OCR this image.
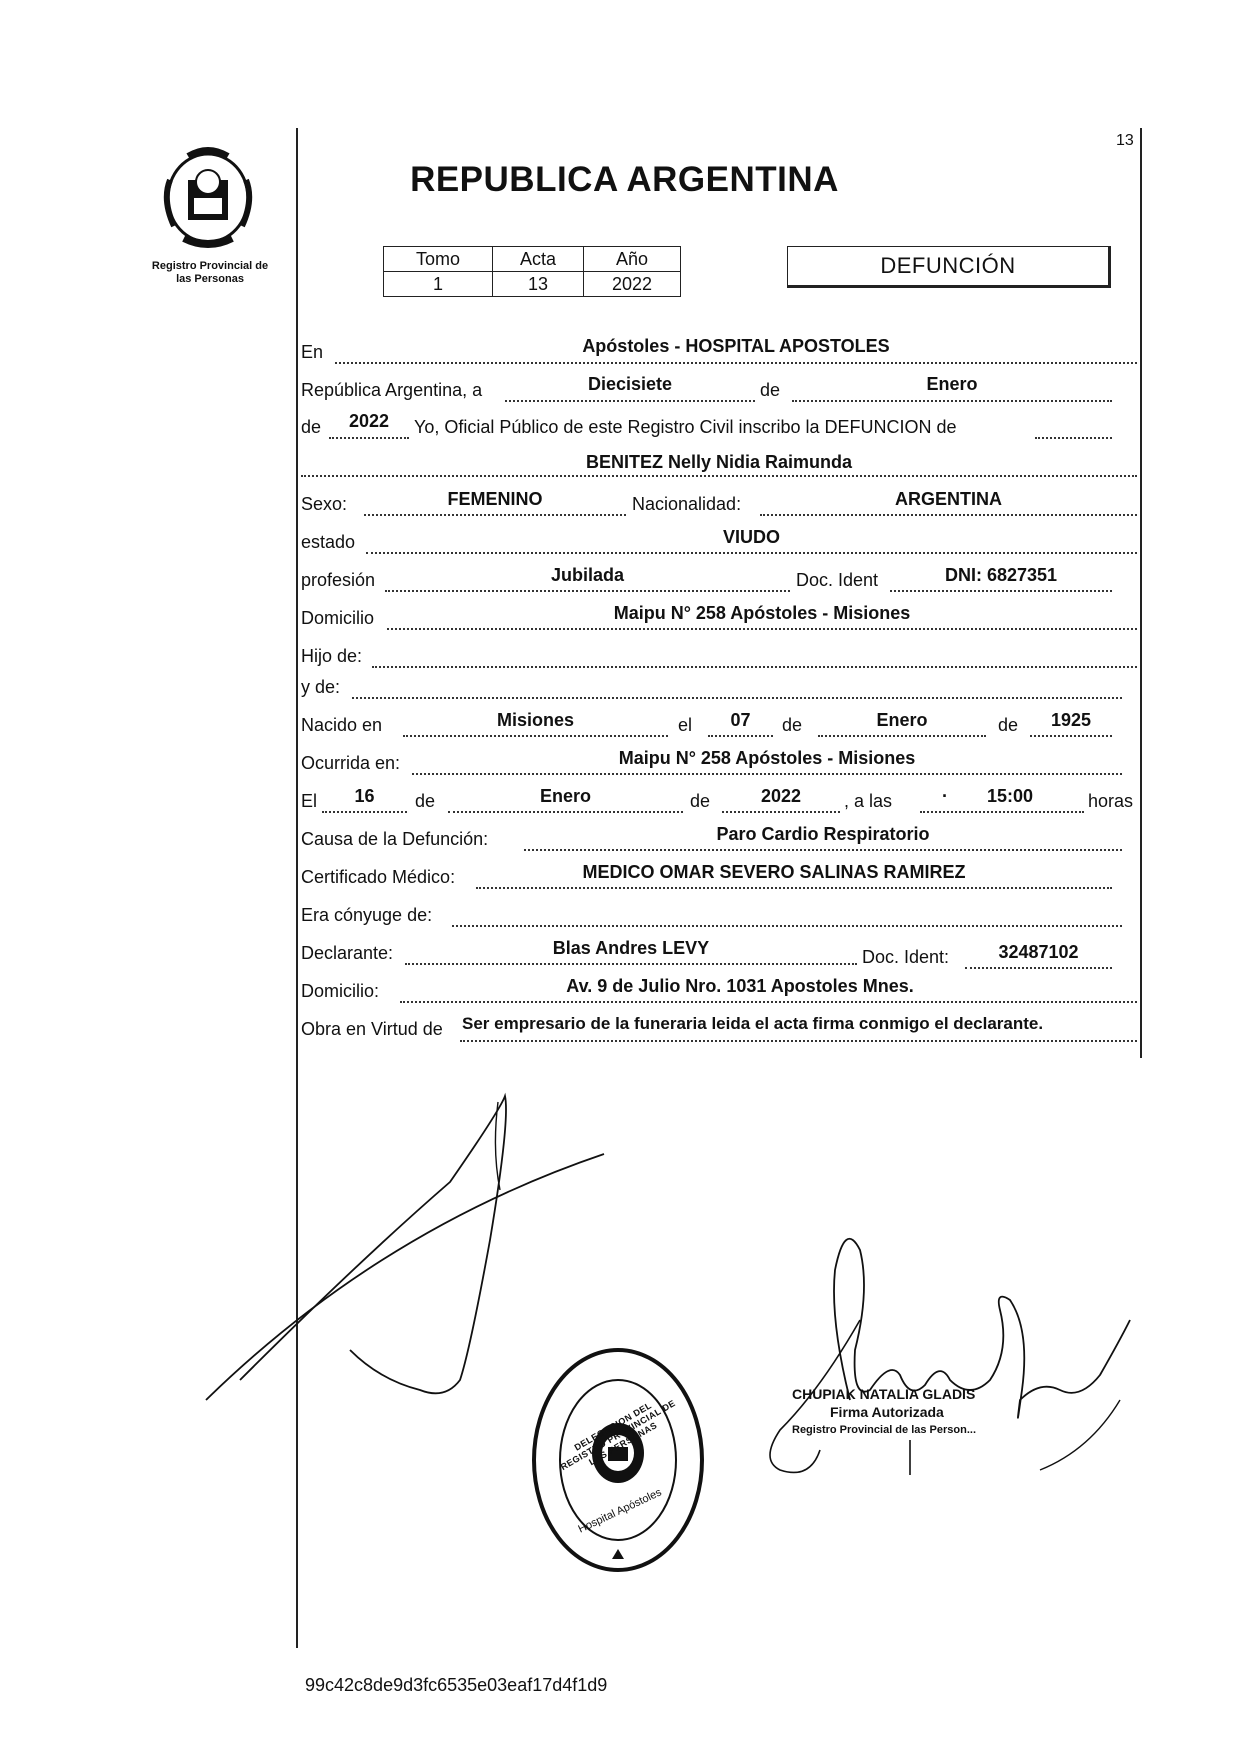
Registro Provincial de
las Personas
13
REPUBLICA ARGENTINA
Tomo	Acta	Año
1	13	2022
DEFUNCIÓN
En	Apóstoles - HOSPITAL APOSTOLES
República Argentina, a	Diecisiete	de	Enero
de	2022	Yo, Oficial Público de este Registro Civil inscribo la DEFUNCION de
BENITEZ Nelly Nidia Raimunda
Sexo:	FEMENINO	Nacionalidad:	ARGENTINA
estado	VIUDO
profesión	Jubilada	Doc. Ident	DNI: 6827351
Domicilio	Maipu N° 258 Apóstoles - Misiones
Hijo de:
y de:
Nacido en	Misiones	el	07	de	Enero	de	1925
Ocurrida en:	Maipu N° 258 Apóstoles - Misiones
El	16	de	Enero	de	2022	, a las	·	15:00	horas
Causa de la Defunción:	Paro Cardio Respiratorio
Certificado Médico:	MEDICO OMAR SEVERO SALINAS RAMIREZ
Era cónyuge de:
Declarante:	Blas Andres LEVY	Doc. Ident:	32487102
Domicilio:	Av. 9 de Julio Nro. 1031 Apostoles Mnes.
Obra en Virtud de Ser empresario de la funeraria leida el acta firma conmigo el declarante.
CHUPIAK NATALIA GLADIS
Firma Autorizada
Registro Provincial de las Person...
DELEGACION DEL REGISTRO PROVINCIAL DE LAS PERSONAS
Hospital Apóstoles
99c42c8de9d3fc6535e03eaf17d4f1d9
